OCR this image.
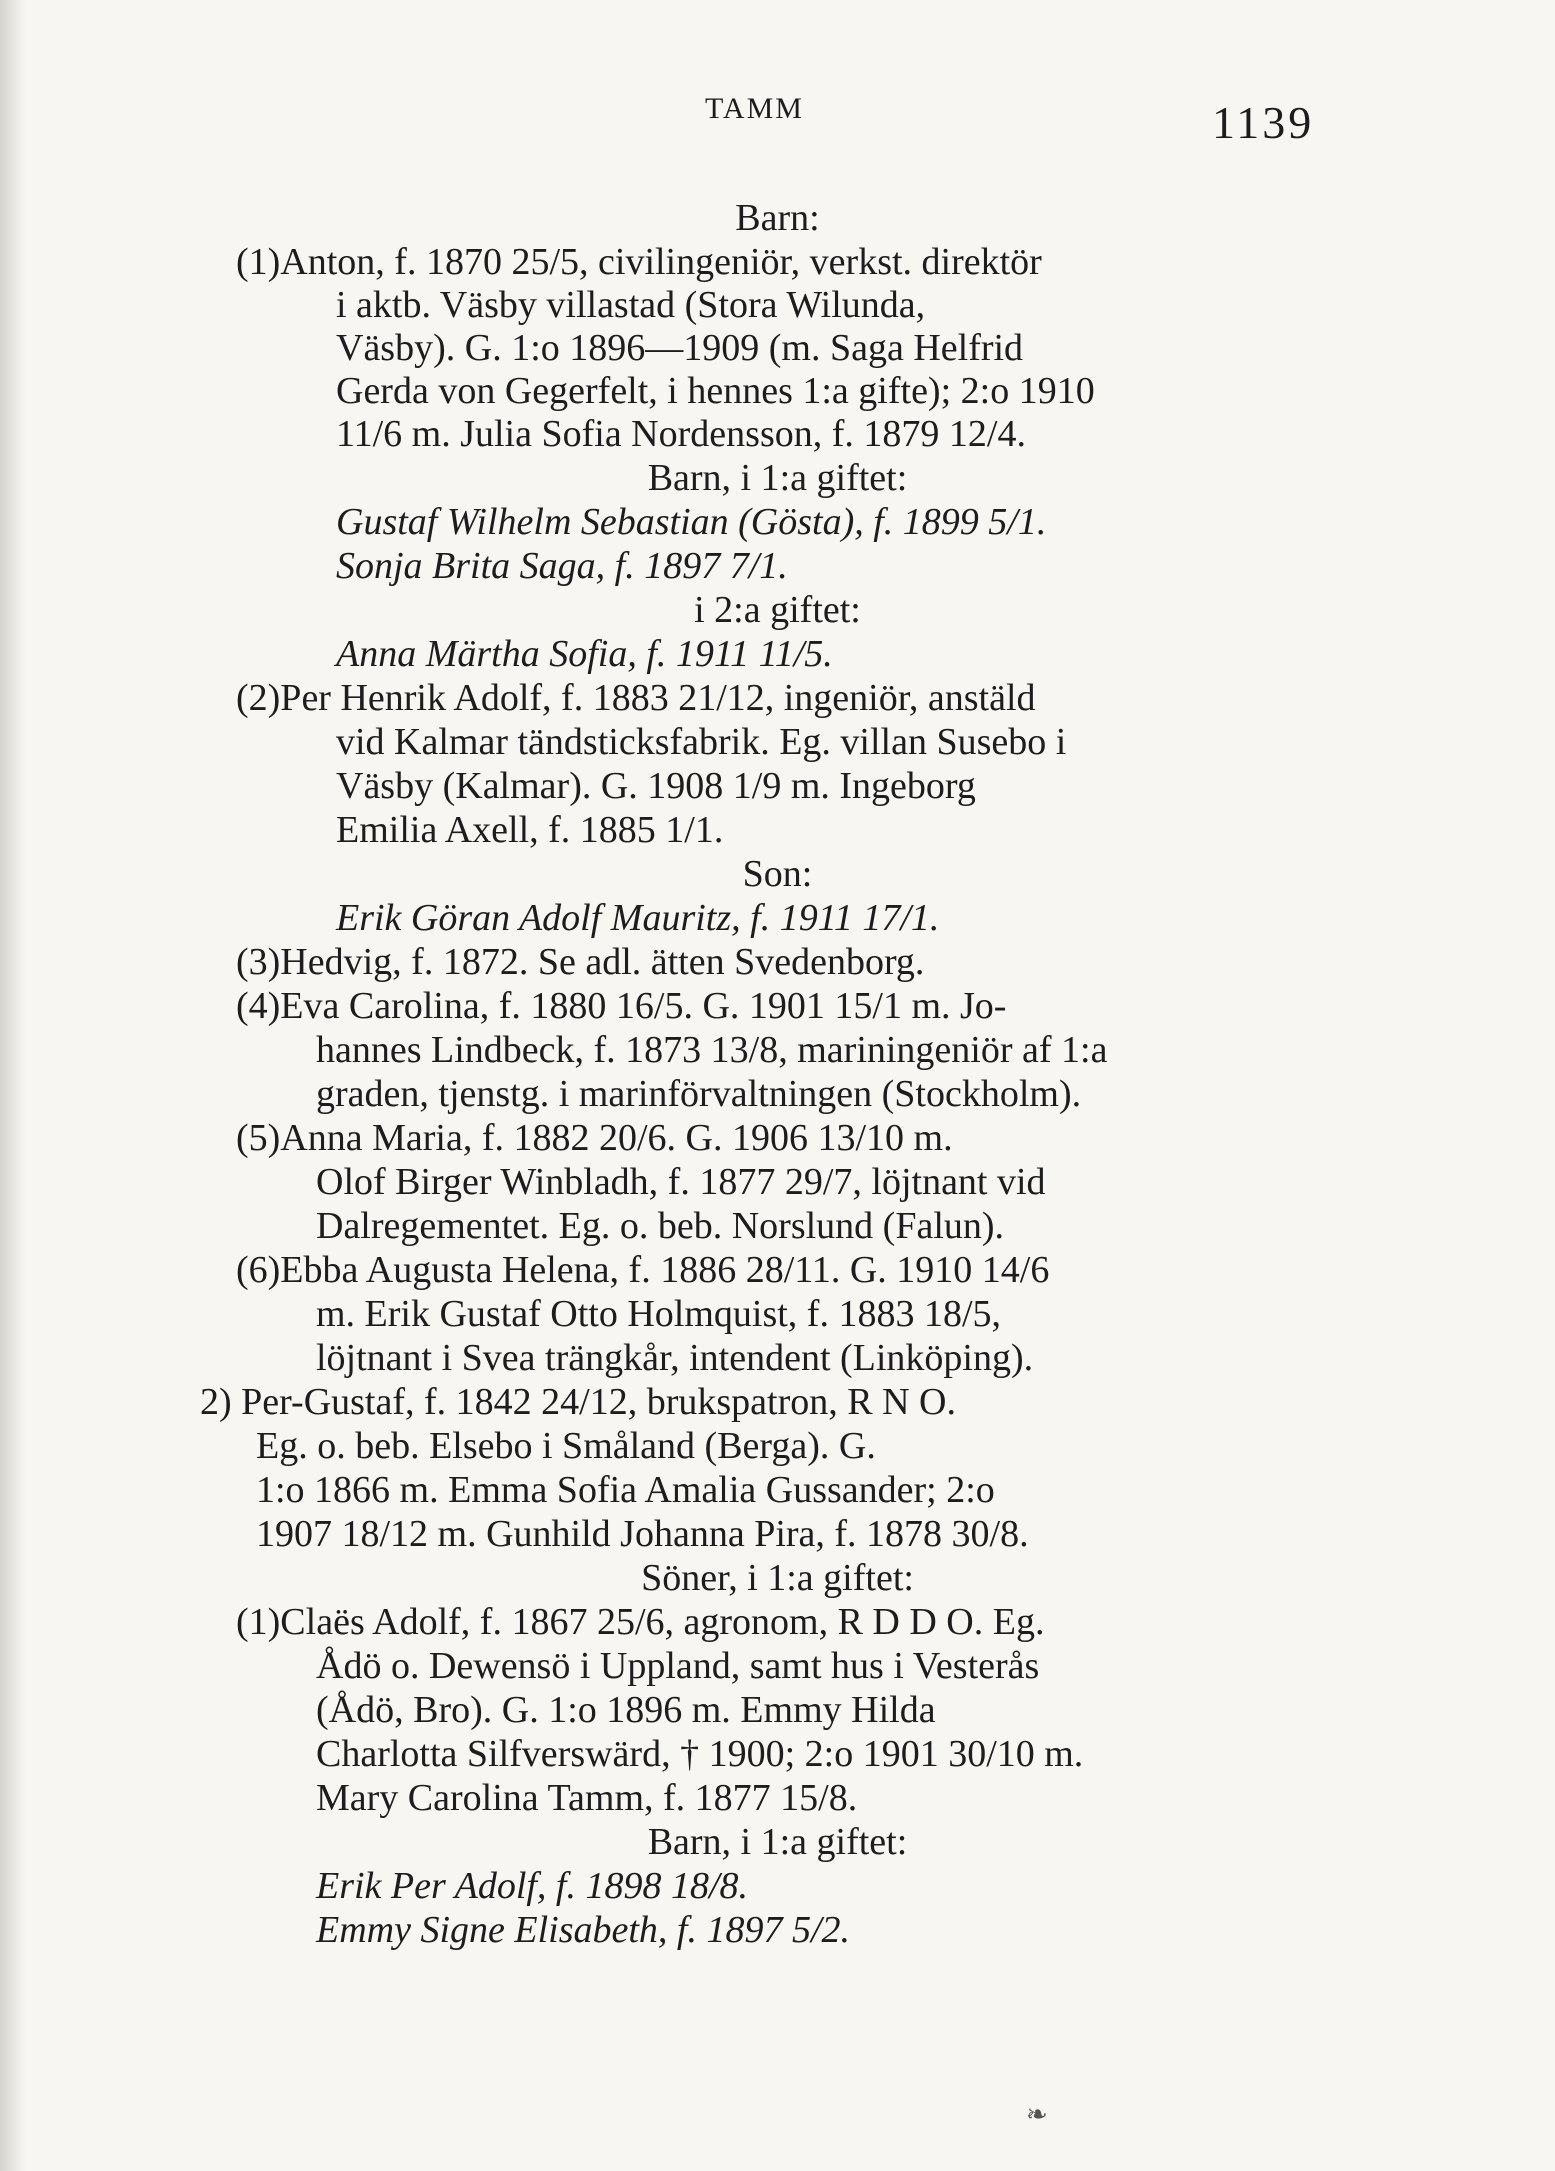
TAMM	1139
Barn:
(1)Anton, f. 1870 25/5, civilingeniör, verkst. direktör
i aktb. Väsby villastad (Stora Wilunda,
Väsby). G. 1:o 1896—1909 (m. Saga Helfrid
Gerda von Gegerfelt, i hennes 1:a gifte); 2:o 1910
11/6 m. Julia Sofia Nordensson, f. 1879 12/4.
Barn, i 1:a giftet:
Gustaf Wilhelm Sebastian (Gösta), f. 1899 5/1.
Sonja Brita Saga, f. 1897 7/1.
i 2:a giftet:
Anna Märtha Sofia, f. 1911 11/5.
(2)Per Henrik Adolf, f. 1883 21/12, ingeniör, anstäld
vid Kalmar tändsticksfabrik. Eg. villan Susebo i
Väsby (Kalmar). G. 1908 1/9 m. Ingeborg
Emilia Axell, f. 1885 1/1.
Son:
Erik Göran Adolf Mauritz, f. 1911 17/1.
(3)Hedvig, f. 1872. Se adl. ätten Svedenborg.
(4)Eva Carolina, f. 1880 16/5. G. 1901 15/1 m. Jo-
hannes Lindbeck, f. 1873 13/8, mariningeniör af 1:a
graden, tjenstg. i marinförvaltningen (Stockholm).
(5)Anna Maria, f. 1882 20/6. G. 1906 13/10 m.
Olof Birger Winbladh, f. 1877 29/7, löjtnant vid
Dalregementet. Eg. o. beb. Norslund (Falun).
(6)Ebba Augusta Helena, f. 1886 28/11. G. 1910 14/6
m. Erik Gustaf Otto Holmquist, f. 1883 18/5,
löjtnant i Svea trängkår, intendent (Linköping).
2) Per-Gustaf, f. 1842 24/12, brukspatron, R N O.
Eg. o. beb. Elsebo i Småland (Berga). G.
1:o 1866 m. Emma Sofia Amalia Gussander; 2:o
1907 18/12 m. Gunhild Johanna Pira, f. 1878 30/8.
Söner, i 1:a giftet:
(1)Claës Adolf, f. 1867 25/6, agronom, R D D O. Eg.
Ådö o. Dewensö i Uppland, samt hus i Vesterås
(Ådö, Bro). G. 1:o 1896 m. Emmy Hilda
Charlotta Silfverswärd, † 1900; 2:o 1901 30/10 m.
Mary Carolina Tamm, f. 1877 15/8.
Barn, i 1:a giftet:
Erik Per Adolf, f. 1898 18/8.
Emmy Signe Elisabeth, f. 1897 5/2.
❧
